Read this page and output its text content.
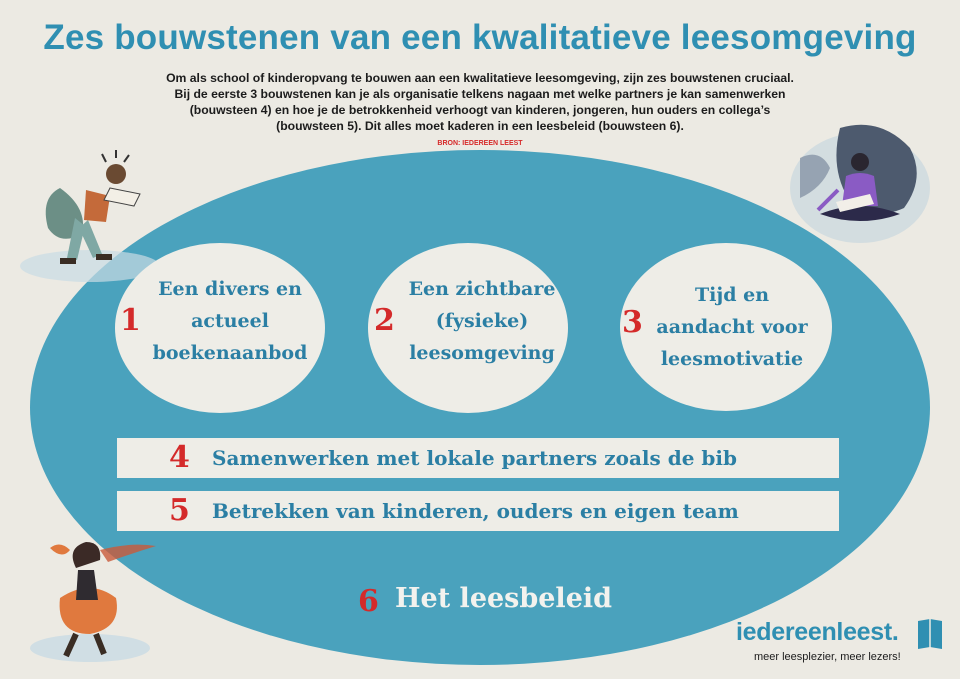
Zes bouwstenen van een kwalitatieve leesomgeving
Om als school of kinderopvang te bouwen aan een kwalitatieve leesomgeving, zijn zes bouwstenen cruciaal.
Bij de eerste 3 bouwstenen kan je als organisatie telkens nagaan met welke partners je kan samenwerken
(bouwsteen 4) en hoe je de betrokkenheid verhoogt van kinderen, jongeren, hun ouders en collega’s
(bouwsteen 5). Dit alles moet kaderen in een leesbeleid (bouwsteen 6).
BRON: IEDEREEN LEEST
1
Een divers en
actueel
boekenaanbod
2
Een zichtbare
(fysieke)
leesomgeving
3
Tijd en
aandacht voor
leesmotivatie
4 Samenwerken met lokale partners zoals de bib
5 Betrekken van kinderen, ouders en eigen team
6 Het leesbeleid
iedereenleest.
meer leesplezier, meer lezers!
